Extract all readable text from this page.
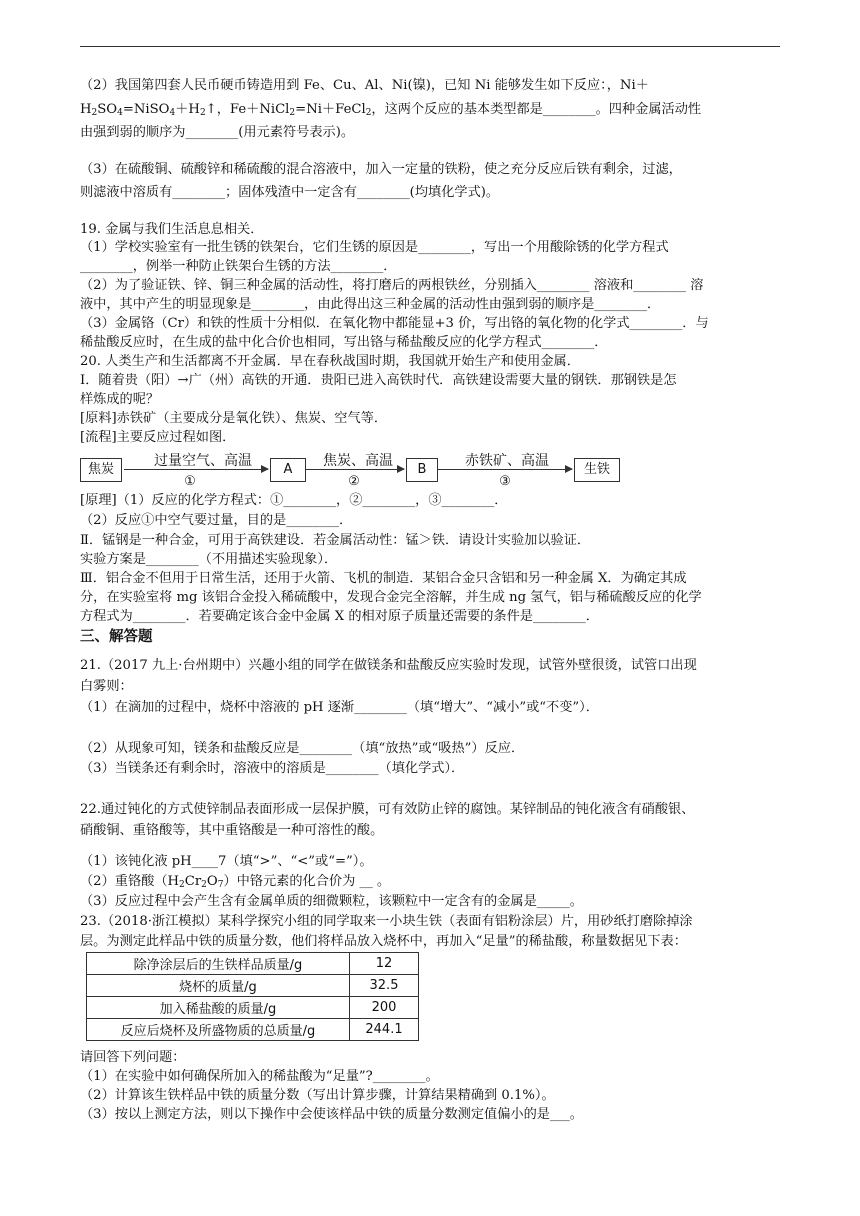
（2）我国第四套人民币硬币铸造用到 Fe、Cu、Al、Ni(镍)，已知 Ni 能够发生如下反应：，Ni＋
$H_2SO_4=NiSO_4+H_2↑$，Fe＋NiCl$_2$=Ni＋FeCl$_2$，这两个反应的基本类型都是________。四种金属活动性
由强到弱的顺序为________(用元素符号表示)。
（3）在硫酸铜、硫酸锌和稀硫酸的混合溶液中，加入一定量的铁粉，使之充分反应后铁有剩余，过滤，
则滤液中溶质有________；固体残渣中一定含有________(均填化学式)。
19. 金属与我们生活息息相关．
（1）学校实验室有一批生锈的铁架台，它们生锈的原因是________，写出一个用酸除锈的化学方程式
________，例举一种防止铁架台生锈的方法________．
（2）为了验证铁、锌、铜三种金属的活动性，将打磨后的两根铁丝，分别插入________ 溶液和________ 溶
液中，其中产生的明显现象是________，由此得出这三种金属的活动性由强到弱的顺序是________．
（3）金属铬（Cr）和铁的性质十分相似．在氧化物中都能显+3 价，写出铬的氧化物的化学式________．与
稀盐酸反应时，在生成的盐中化合价也相同，写出铬与稀盐酸反应的化学方程式________．
20. 人类生产和生活都离不开金属．早在春秋战国时期，我国就开始生产和使用金属．
Ⅰ．随着贵（阳）→广（州）高铁的开通．贵阳已进入高铁时代．高铁建设需要大量的钢铁．那钢铁是怎
样炼成的呢？
[原料]赤铁矿（主要成分是氧化铁）、焦炭、空气等．
[流程]主要反应过程如图．
焦炭
过量空气、高温
①
A
焦炭、高温
②
B
赤铁矿、高温
③
生铁
[原理]（1）反应的化学方程式：①________，②________，③________．
（2）反应①中空气要过量，目的是________．
Ⅱ．锰钢是一种合金，可用于高铁建设．若金属活动性：锰＞铁．请设计实验加以验证．
实验方案是________（不用描述实验现象）．
Ⅲ．铝合金不但用于日常生活，还用于火箭、飞机的制造．某铝合金只含铝和另一种金属 X．为确定其成
分，在实验室将 mg 该铝合金投入稀硫酸中，发现合金完全溶解，并生成 ng 氢气，铝与稀硫酸反应的化学
方程式为________．若要确定该合金中金属 X 的相对原子质量还需要的条件是________．
三、解答题
21.（2017 九上·台州期中）兴趣小组的同学在做镁条和盐酸反应实验时发现，试管外壁很烫，试管口出现
白雾则：
（1）在滴加的过程中，烧杯中溶液的 pH 逐渐________（填“增大”、“减小”或“不变”）．
（2）从现象可知，镁条和盐酸反应是________（填“放热”或“吸热”）反应．
（3）当镁条还有剩余时，溶液中的溶质是________（填化学式）．
22.通过钝化的方式使锌制品表面形成一层保护膜，可有效防止锌的腐蚀。某锌制品的钝化液含有硝酸银、
硝酸铜、重铬酸等，其中重铬酸是一种可溶性的酸。
（1）该钝化液 pH____7（填“>”、“<”或“=”）。
（2）重铬酸$(H_2Cr_2O_7)$中铬元素的化合价为 __ 。
（3）反应过程中会产生含有金属单质的细微颗粒，该颗粒中一定含有的金属是_____。
23.（2018·浙江模拟）某科学探究小组的同学取来一小块生铁（表面有铝粉涂层）片，用砂纸打磨除掉涂
层。为测定此样品中铁的质量分数，他们将样品放入烧杯中，再加入“足量”的稀盐酸，称量数据见下表：
除净涂层后的生铁样品质量/g	12
烧杯的质量/g	32.5
加入稀盐酸的质量/g	200
反应后烧杯及所盛物质的总质量/g	244.1
请回答下列问题：
（1）在实验中如何确保所加入的稀盐酸为“足量”?________。
（2）计算该生铁样品中铁的质量分数（写出计算步骤，计算结果精确到 0.1%）。
（3）按以上测定方法，则以下操作中会使该样品中铁的质量分数测定值偏小的是___。
